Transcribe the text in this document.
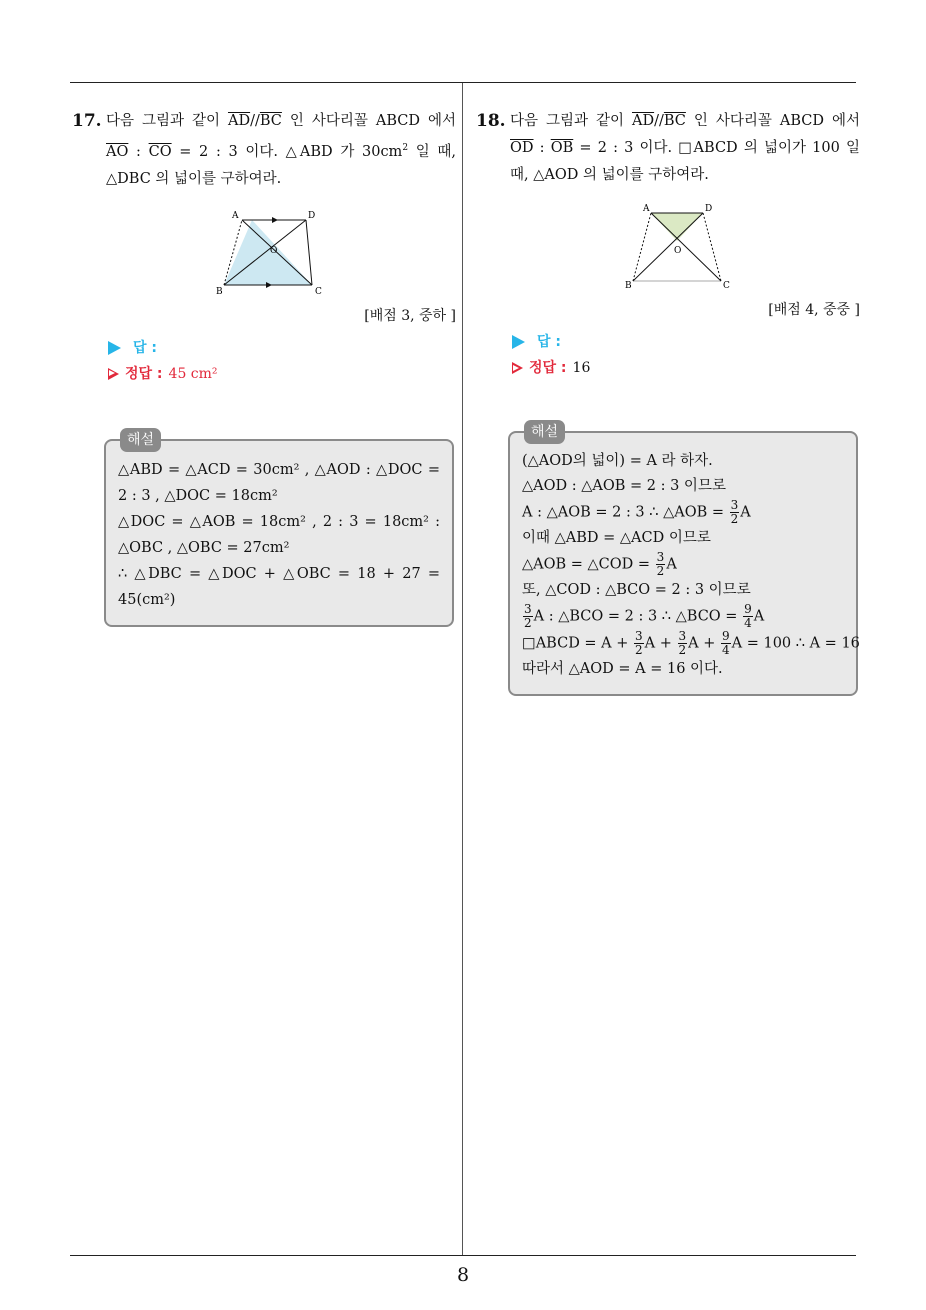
17. 다음 그림과 같이 $\overline{AD}//\overline{BC}$ 인 사다리꼴 ABCD 에서 $\overline{AO}$ : $\overline{CO} = 2$ : 3 이다. △ABD 가 $30cm^2$ 일 때, △DBC 의 넓이를 구하여라.
A	D
O
B	C
[배점 3, 중하 ]
답 :
정답 : 45 cm²
해설
△ABD = △ACD = 30cm² , △AOD : △DOC =
2 : 3 , △DOC = 18cm²
△DOC = △AOB = 18cm² , 2 : 3 = 18cm² :
△OBC , △OBC = 27cm²
∴ △DBC = △DOC + △OBC = 18 + 27 =
45(cm²)
18. 다음 그림과 같이 $\overline{AD}//\overline{BC}$ 인 사다리꼴 ABCD 에서 $\overline{OD}$ : $\overline{OB} = 2$ : 3 이다. □ABCD 의 넓이가 100 일 때, △AOD 의 넓이를 구하여라.
A	D
O
B	C
[배점 4, 중중 ]
답 :
정답 : 16
해설
(△AOD의 넓이) = A 라 하자.
△AOD : △AOB = 2 : 3 이므로
A : △AOB = 2 : 3 ∴ △AOB = $\frac{3}{2}$ A
이때 △ABD = △ACD 이므로
△AOB = △COD = $\frac{3}{2}$ A
또, △COD : △BCO = 2 : 3 이므로
$\frac{3}{2}$ A : △BCO = 2 : 3 ∴ △BCO = $\frac{9}{4}$ A
□ABCD = $A + \frac{3}{2}$ $A + \frac{3}{2}$ $A + \frac{9}{4}$ A = 100 ∴ A = 16
따라서 △AOD = A = 16 이다.
8
